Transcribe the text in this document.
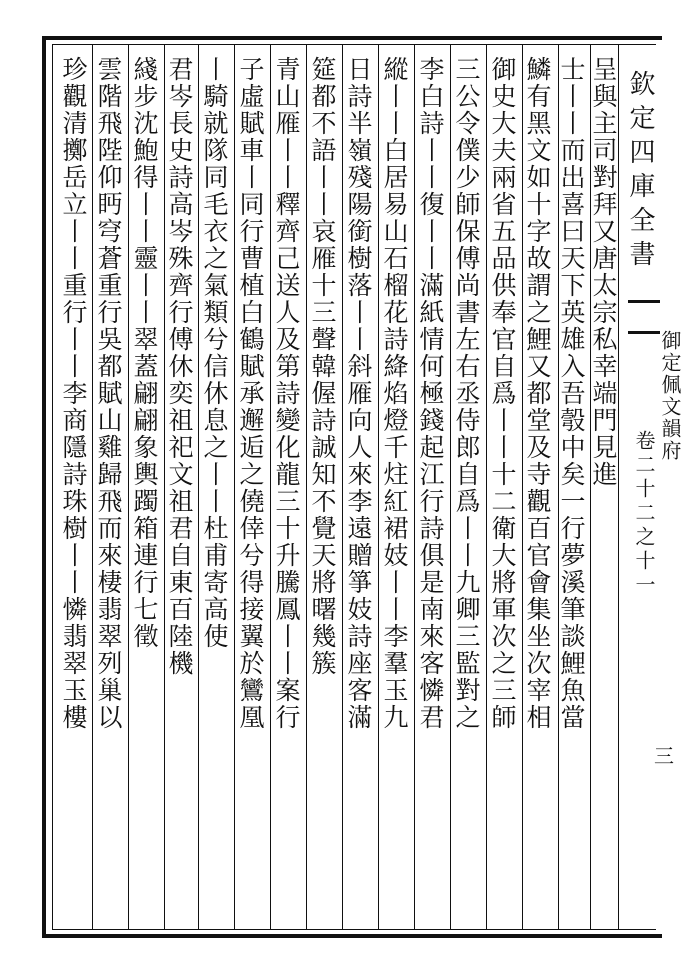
欽定四庫全書
御定佩文韻府
卷二十二之十一
三
呈與主司對拜又唐太宗私幸端門見進
士丨丨而出喜曰天下英雄入吾彀中矣一行夢溪筆談鯉魚當
鱗有黑文如十字故謂之鯉又都堂及寺觀百官會集坐次宰相
御史大夫兩省五品供奉官自爲丨丨十二衛大將軍次之三師
三公令僕少師保傅尚書左右丞侍郎自爲丨丨九卿三監對之
李白詩丨丨復丨丨滿紙情何極錢起江行詩俱是南來客憐君
縱丨丨白居易山石榴花詩絳焰燈千炷紅裙妓丨丨李羣玉九
日詩半嶺殘陽銜樹落丨丨斜雁向人來李遠贈箏妓詩座客滿
筵都不語丨丨哀雁十三聲韓偓詩誠知不覺天將曙幾簇
青山雁丨丨釋齊己送人及第詩變化龍三十升騰鳳丨丨案行
子虛賦車丨同行曹植白鶴賦承邂逅之僥倖兮得接翼於鸞凰
丨騎就隊同毛衣之氣類兮信休息之丨丨杜甫寄高使
君岑長史詩高岑殊齊行傅休奕祖祀文祖君自東百陸機
綫步沈鮑得丨丨靈丨丨翠蓋翩翩象輿躅箱連行七徵
雲階飛陛仰眄穹蒼重行吳都賦山雞歸飛而來棲翡翠列巢以
珍觀清擲岳立丨丨重行丨丨李商隱詩珠樹丨丨憐翡翠玉樓
